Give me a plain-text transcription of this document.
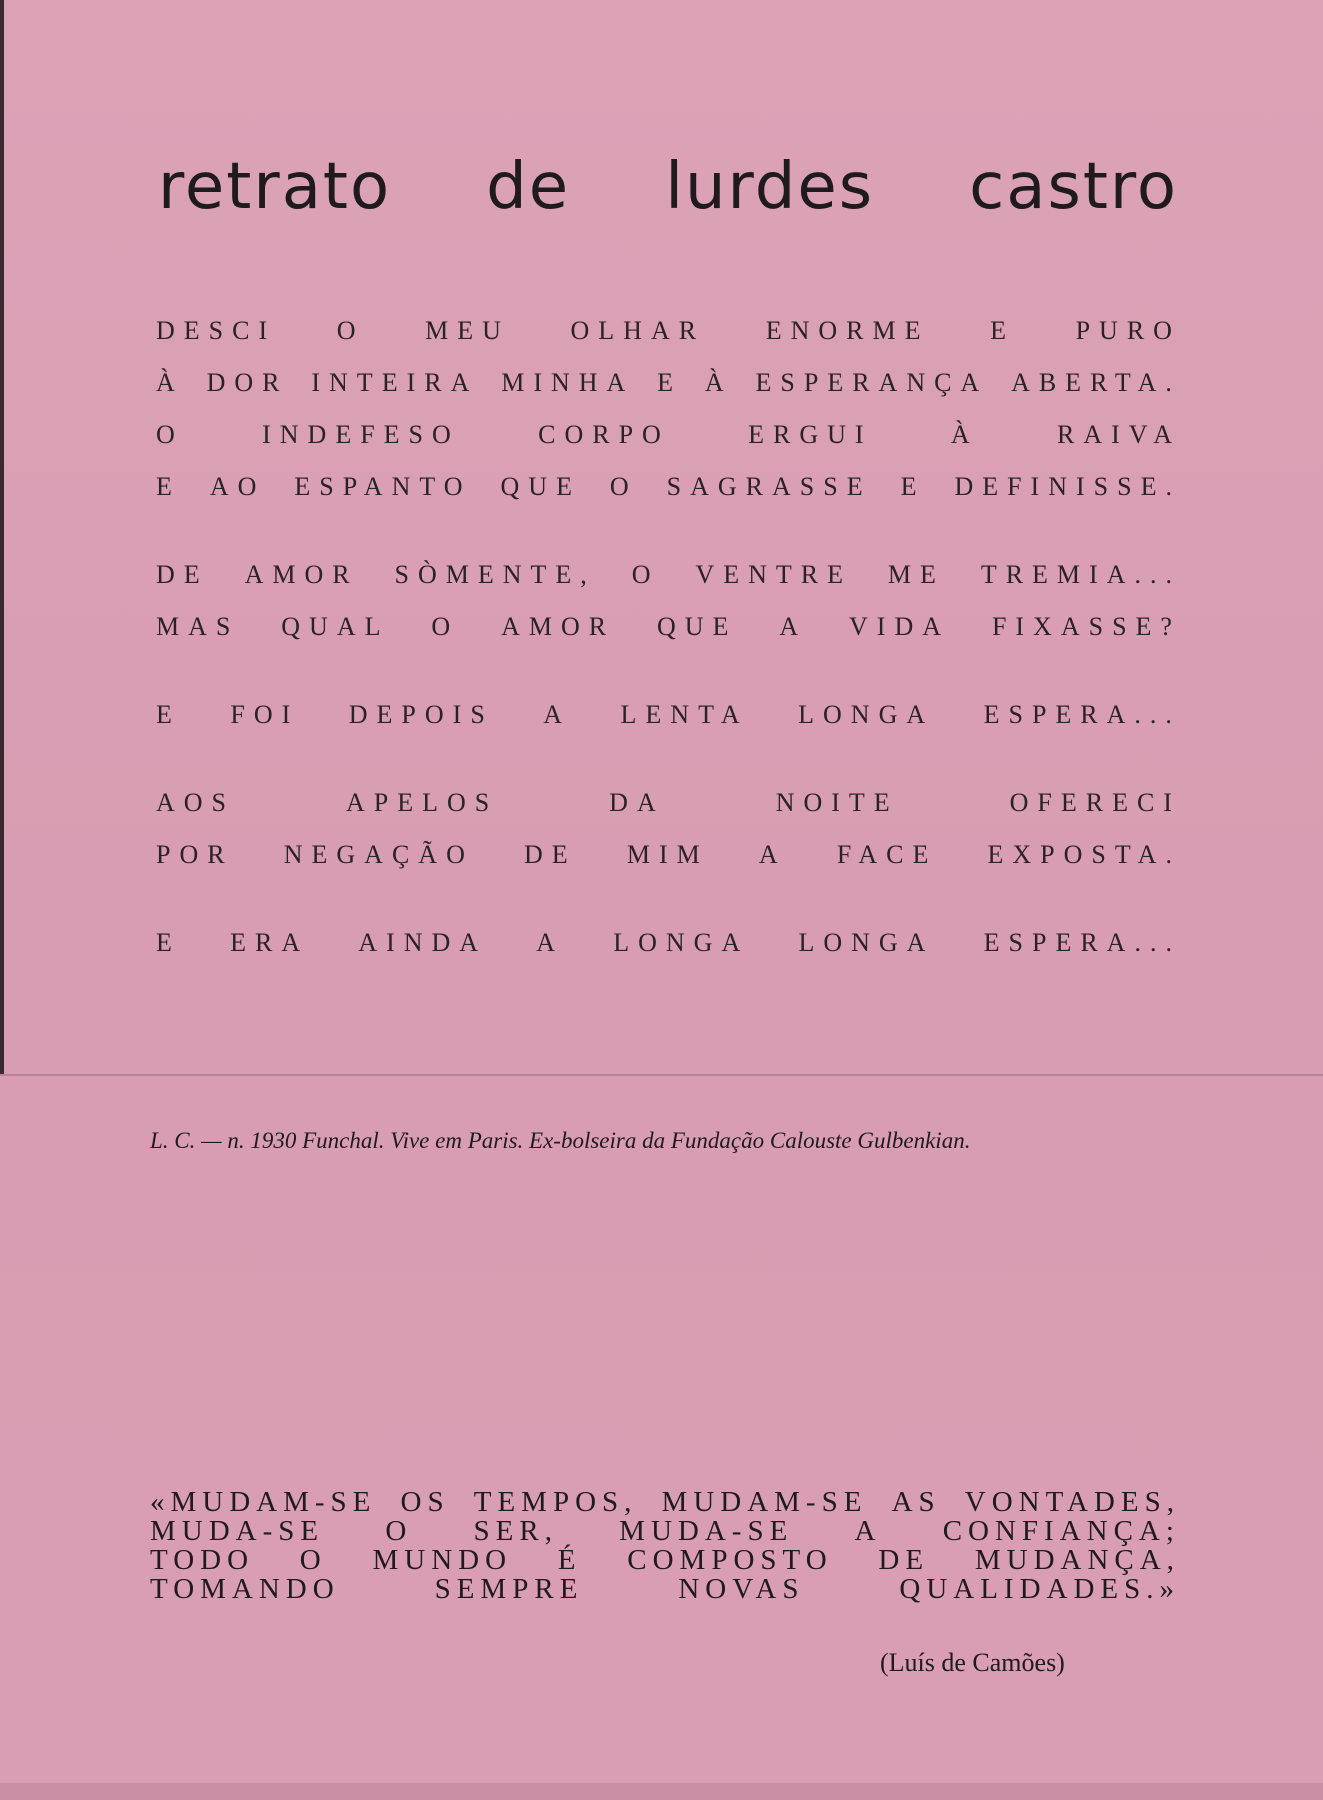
retrato de lurdes castro
DESCI O MEU OLHAR ENORME E PURO
À DOR INTEIRA MINHA E À ESPERANÇA ABERTA.
O	INDEFESO	CORPO	ERGUI	À	RAIVA
E AO ESPANTO QUE O SAGRASSE E DEFINISSE.
DE AMOR SÒMENTE, O VENTRE ME TREMIA...
MAS QUAL O AMOR QUE A VIDA FIXASSE?
E FOI DEPOIS A LENTA LONGA ESPERA...
AOS	APELOS	DA	NOITE	OFERECI
POR NEGAÇÃO DE MIM A FACE EXPOSTA.
E ERA AINDA A LONGA LONGA ESPERA...
L. C. — n. 1930 Funchal. Vive em Paris. Ex-bolseira da Fundação Calouste Gulbenkian.
«MUDAM-SE OS TEMPOS, MUDAM-SE AS VONTADES,
MUDA-SE O SER, MUDA-SE A CONFIANÇA;
TODO O MUNDO É COMPOSTO DE MUDANÇA,
TOMANDO	SEMPRE	NOVAS	QUALIDADES.»
(Luís de Camões)
